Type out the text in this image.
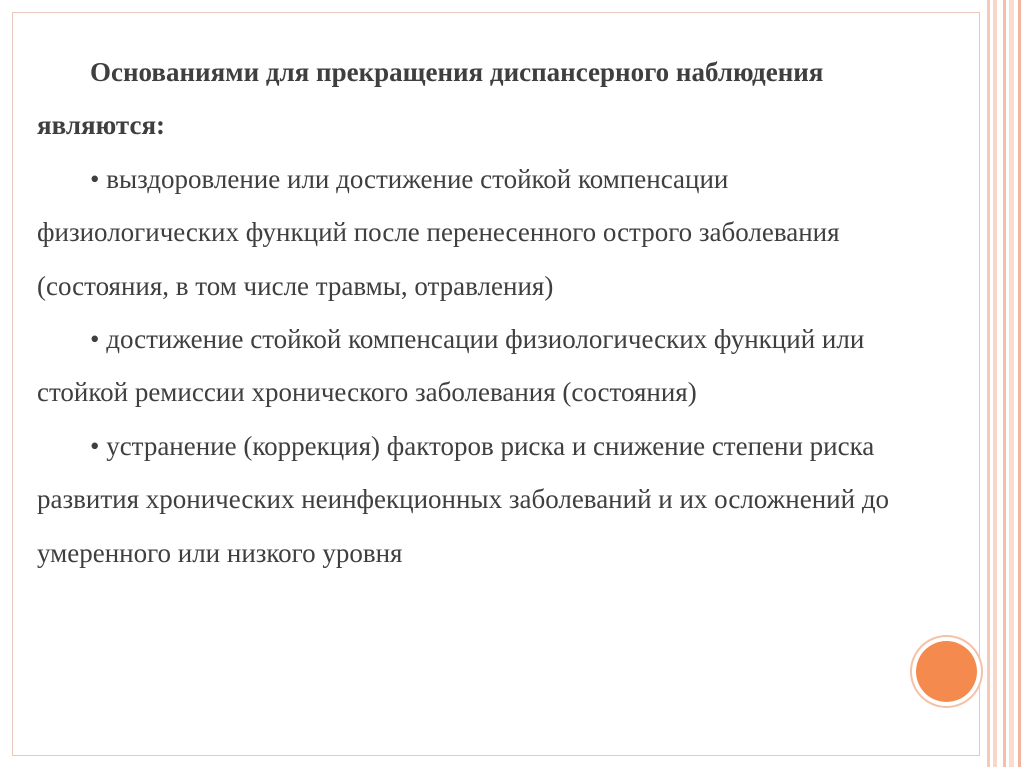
Основаниями для прекращения диспансерного наблюдения являются:

• выздоровление или достижение стойкой компенсации физиологических функций после перенесенного острого заболевания (состояния, в том числе травмы, отравления)

• достижение стойкой компенсации физиологических функций или стойкой ремиссии хронического заболевания (состояния)

• устранение (коррекция) факторов риска и снижение степени риска развития хронических неинфекционных заболеваний и их осложнений до умеренного или низкого уровня
